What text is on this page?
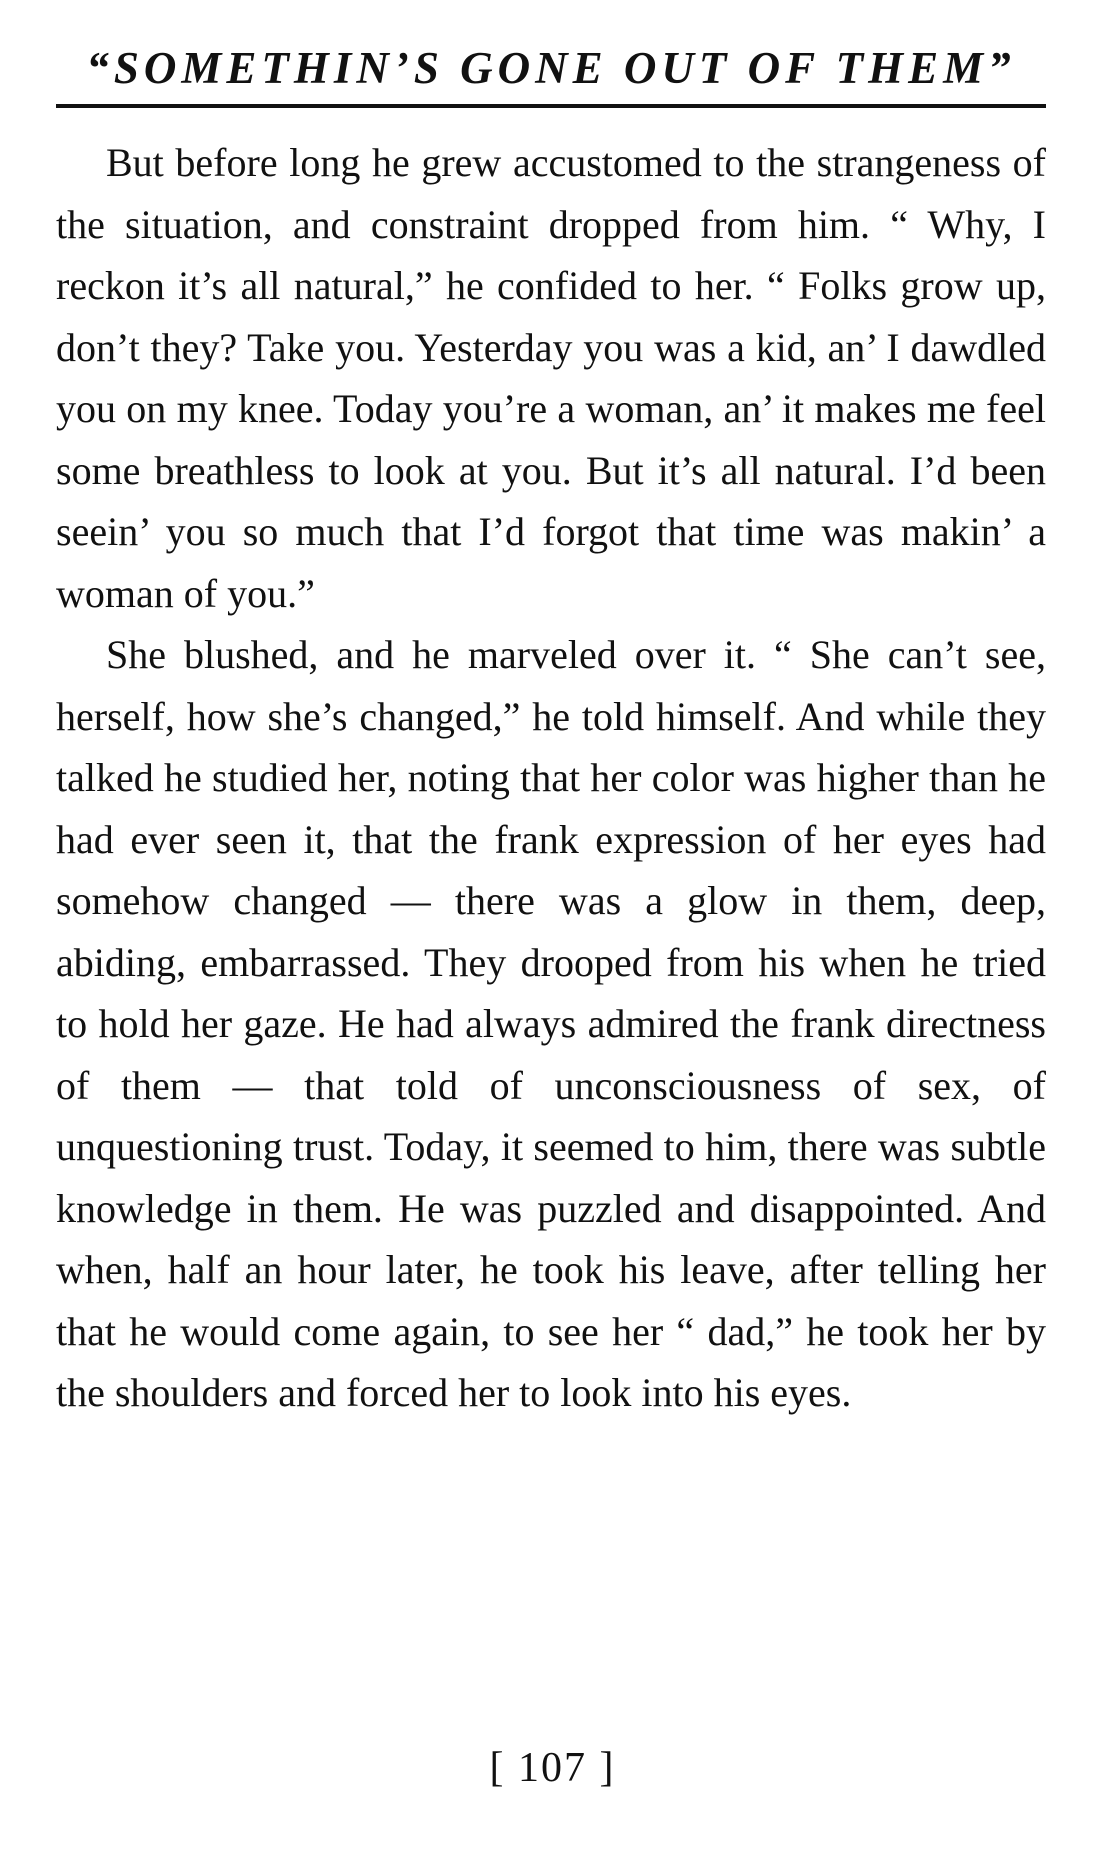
“SOMETHIN’S GONE OUT OF THEM”

But before long he grew accustomed to the strangeness of the situation, and constraint dropped from him. “ Why, I reckon it’s all natural,” he confided to her. “ Folks grow up, don’t they? Take you. Yesterday you was a kid, an’ I dawdled you on my knee. Today you’re a woman, an’ it makes me feel some breathless to look at you. But it’s all natural. I’d been seein’ you so much that I’d forgot that time was makin’ a woman of you.”

She blushed, and he marveled over it. “ She can’t see, herself, how she’s changed,” he told himself. And while they talked he studied her, noting that her color was higher than he had ever seen it, that the frank expression of her eyes had somehow changed — there was a glow in them, deep, abiding, embarrassed. They drooped from his when he tried to hold her gaze. He had always admired the frank directness of them — that told of unconsciousness of sex, of unquestioning trust. Today, it seemed to him, there was subtle knowledge in them. He was puzzled and disappointed. And when, half an hour later, he took his leave, after telling her that he would come again, to see her “ dad,” he took her by the shoulders and forced her to look into his eyes.

[ 107 ]
